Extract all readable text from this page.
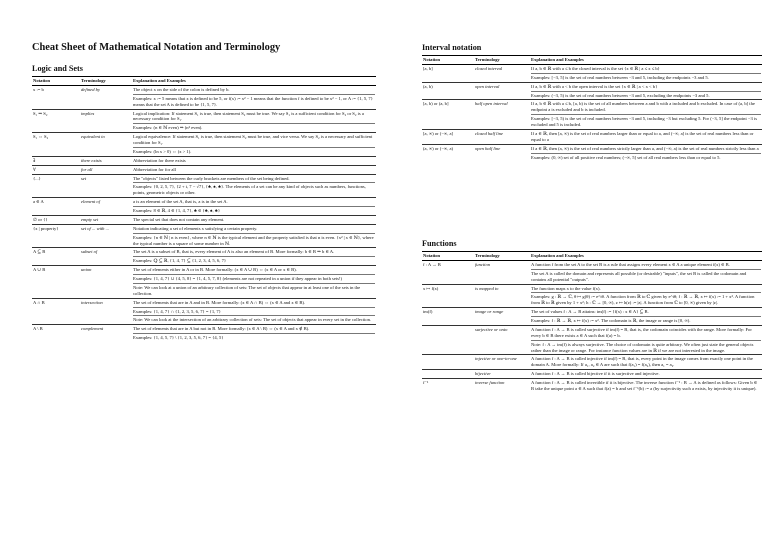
Cheat Sheet of Mathematical Notation and Terminology
Logic and Sets
Notation	Terminology	Explanation and Examples
x := b	defined by	The object x on the side of the colon is defined by b.
Examples: x := 5 means that x is defined to be 5, or f(x) := x² − 1 means that the function f is defined to be x² − 1, or A := {1, 5, 7} means that the set A is defined to be {1, 5, 7}.

S₁ ⇒ S₂	implies	Logical implication: If statement S₁ is true, then statement S₂ must be true. We say S₁ is a sufficient condition for S₂ or S₂ is a necessary condition for S₁.
Examples: (n ∈ ℕ even) ⇒ (n² even).

S₁ ⇔ S₂	equivalent to	Logical equivalence: If statement S₁ is true, then statement S₂ must be true, and vice versa. We say S₂ is a necessary and sufficient condition for S₁.
Examples: (ln x > 0) ⇔ (x > 1).

∃	there exists	Abbreviation for there exists

∀	for all	Abbreviation for for all

{...}	set	The "objects" listed between the curly brackets are members of the set being defined.
Examples: {0, 2, 5, 7}, {2 + i, 7 − √7}, {♣, ♠, ♣}. The elements of a set can be any kind of objects such as numbers, functions, points, geometric objects or other.

a ∈ A	element of	a is an element of the set A, that is, a is in the set A.
Examples: 8 ∈ ℝ, 4 ∈ {1, 4, 7}, ♣ ∈ {♣, ♠, ♣}

∅ or {}	empty set	The special set that does not contain any element.

{x | property}	set of ... with ...	Notation indicating a set of elements x satisfying a certain property.
Examples: {n ∈ ℕ | n is even}, where n ∈ ℕ is the typical element and the property satisfied is that n is even. {x² | x ∈ ℕ}, where the typical number is a square of some number in ℕ.

A ⊆ B	subset of	The set A is a subset of B, that is, every element of A is also an element of B. More formally: b ∈ B ⇒ b ∈ A.
Examples: ℚ ⊆ ℝ, {1, 4, 7} ⊆ {1, 2, 3, 4, 5, 6, 7}

A ∪ B	union	The set of elements either in A or in B. More formally: (x ∈ A ∪ B) ⇔ (x ∈ A or x ∈ B).
Examples: {1, 4, 7} ∪ {4, 5, 8} = {1, 4, 5, 7, 8} (elements are not repeated in a union if they appear in both sets!)
Note: We can look at a union of an arbitrary collection of sets: The set of objects that appear in at least one of the sets in the collection.

A ∩ B	intersection	The set of elements that are in A and in B. More formally: (x ∈ A ∩ B) ⇔ (x ∈ A and x ∈ B).
Examples: {1, 4, 7} ∩ {1, 2, 3, 5, 6, 7} = {1, 7}
Note: We can look at the intersection of an arbitrary collection of sets: The set of objects that appear in every set in the collection.

A \ B	complement	The set of elements that are in A but not in B. More formally: (x ∈ A \ B) ⇔ (x ∈ A and x ∉ B).
Examples: {1, 4, 5, 7} \ {1, 2, 3, 5, 6, 7} = {4, 5}
Interval notation
Notation	Terminology	Explanation and Examples
[a, b]	closed interval	If a, b ∈ ℝ with a ≤ b the closed interval is the set {x ∈ ℝ | a ≤ x ≤ b}
Examples: [−3, 5] is the set of real numbers between −3 and 5, including the endpoints −3 and 5.

(a, b)	open interval	If a, b ∈ ℝ with a < b the open interval is the set {x ∈ ℝ | a < x < b}
Examples: (−3, 5) is the set of real numbers between −3 and 5, excluding the endpoints −3 and 5.

[a, b) or (a, b]	half open interval	If a, b ∈ ℝ with a ≤ b, [a, b) is the set of all numbers between a and b with a included and b excluded. In case of (a, b] the endpoint a is excluded and b is included.
Examples: [−3, 5) is the set of real numbers between −3 and 5, including −3 but excluding 5. For (−3, 5] the endpoint −3 is excluded and 5 is included.

[a, ∞) or (−∞, a]	closed half line	If a ∈ ℝ, then [a, ∞) is the set of real numbers larger than or equal to a, and (−∞, a] is the set of real numbers less than or equal to a

(a, ∞) or (−∞, a)	open half line	If a ∈ ℝ, then (a, ∞) is the set of real numbers strictly larger than a, and (−∞, a) is the set of real numbers strictly less than a
Examples: (0, ∞) set of all positive real numbers; (−∞, 5] set of all real numbers less than or equal to 5.
Functions
Notation	Terminology	Explanation and Examples
f : A → B	function	A function f from the set A to the set B is a rule that assigns every element x ∈ A a unique element f(x) ∈ B.
The set A is called the domain and represents all possible (or desirable) "inputs", the set B is called the codomain and contains all potential "outputs".

x ↦ f(x)	is mapped to	The function maps x to the value f(x).
Examples: g : ℝ → ℂ, θ ↦ g(θ) := e^iθ. A function from ℝ to ℂ given by e^iθ; f : ℝ → ℝ, x ↦ f(x) := 1 + x². A function from ℝ to ℝ given by 1 + x²; h : ℂ → [0, ∞), z ↦ h(z) := |z|. A function from ℂ to [0, ∞) given by |z|.

im(f)	image or range	The set of values f : A → B attains: im(f) := {f(x) : x ∈ A} ⊆ B.
Examples: f : ℝ → ℝ, x ↦ f(x) := x². The codomain is ℝ, the image or range is [0, ∞).

	surjective or onto	A function f : A → B is called surjective if im(f) = B, that is, the codomain coincides with the range. More formally: For every b ∈ B there exists a ∈ A such that f(a) = b.
Note: f : A → im(f) is always surjective. The choice of codomain is quite arbitrary. We often just state the general objects rather than the image or range. For instance function values are in ℝ if we are not interested in the image.

	injective or one-to-one	A function f : A → B is called injective if im(f) = B, that is, every point in the image comes from exactly one point in the domain A. More formally: If a₁, a₂ ∈ A are such that f(a₁) = f(a₂), then a₁ = a₂.

	bijective	A function f : A → B is called bijective if it is surjective and injective.

f⁻¹	inverse function	A function f : A → B is called invertible if it is bijective. The inverse function f⁻¹ : B → A is defined as follows: Given b ∈ B take the unique point a ∈ A such that f(a) = b and set f⁻¹(b) := a (by surjectivity such a exists, by injectivity it is unique).
